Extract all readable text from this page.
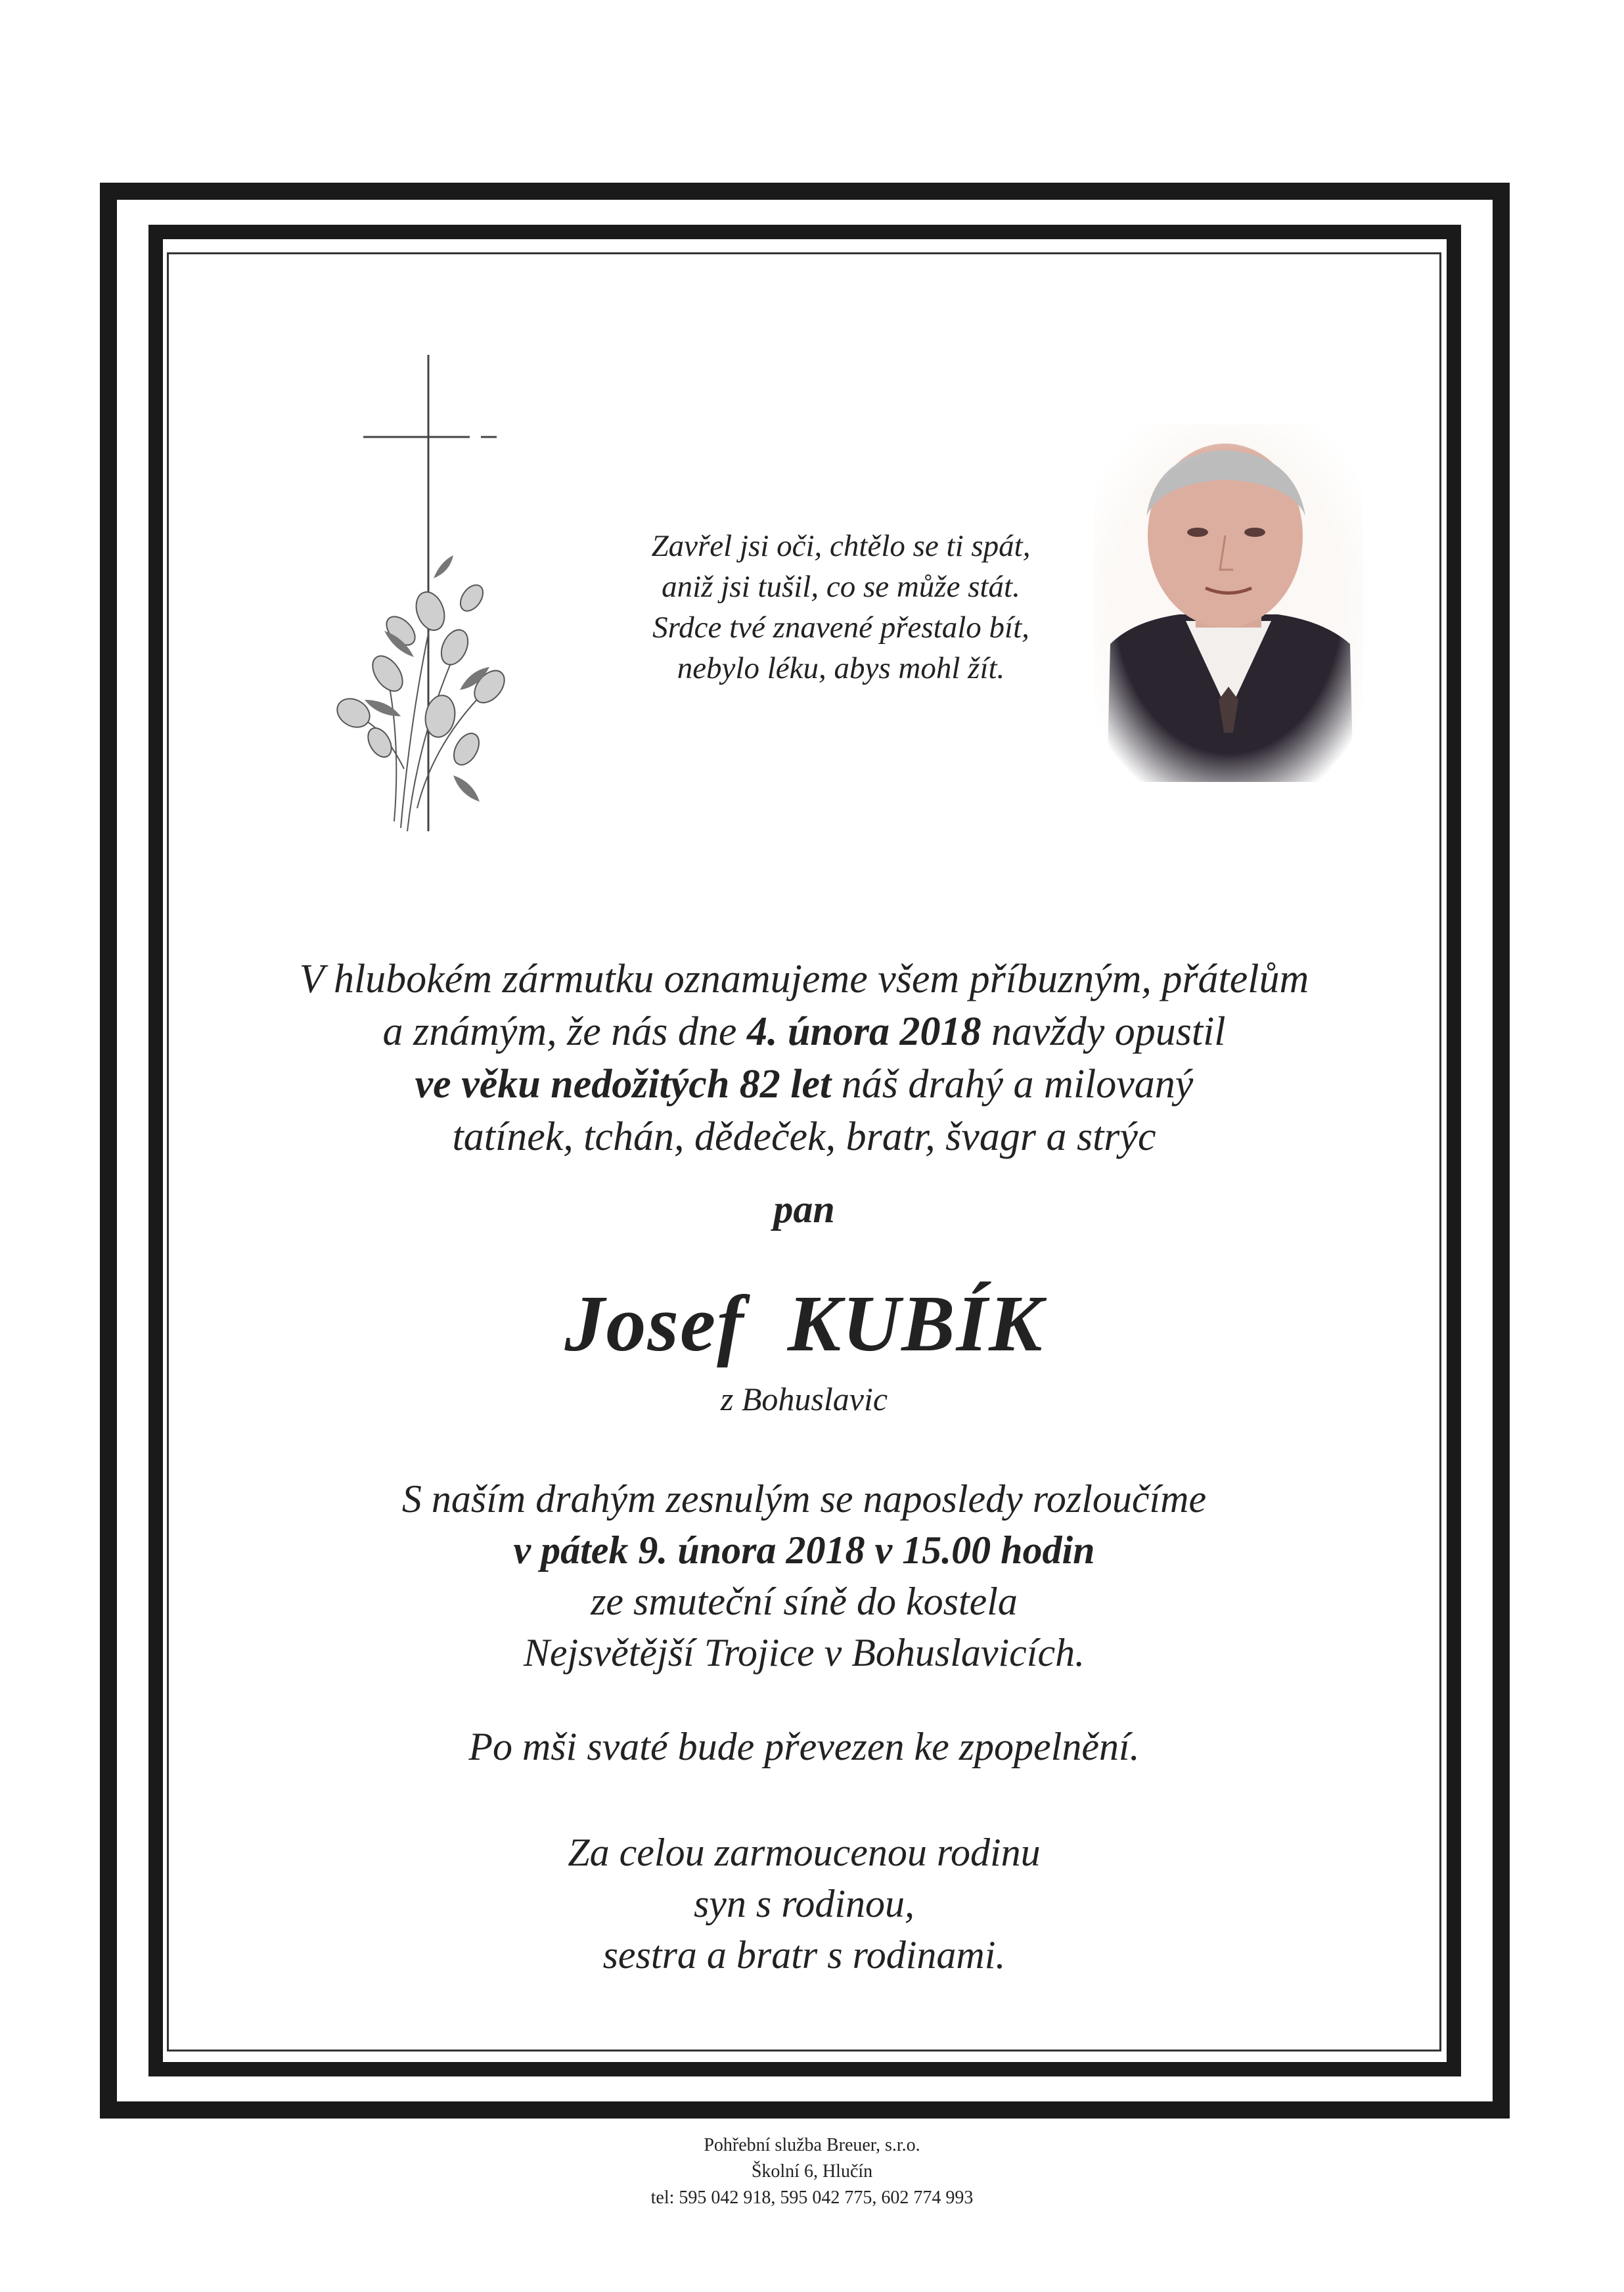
Zavřel jsi oči, chtělo se ti spát,
aniž jsi tušil, co se může stát.
Srdce tvé znavené přestalo bít,
nebylo léku, abys mohl žít.
V hlubokém zármutku oznamujeme všem příbuzným, přátelům
a známým, že nás dne 4. února 2018 navždy opustil
ve věku nedožitých 82 let náš drahý a milovaný
tatínek, tchán, dědeček, bratr, švagr a strýc
pan
Josef KUBÍK
z Bohuslavic
S naším drahým zesnulým se naposledy rozloučíme
v pátek 9. února 2018 v 15.00 hodin
ze smuteční síně do kostela
Nejsvětější Trojice v Bohuslavicích.
Po mši svaté bude převezen ke zpopelnění.
Za celou zarmoucenou rodinu
syn s rodinou,
sestra a bratr s rodinami.
Pohřební služba Breuer, s.r.o.
Školní 6, Hlučín
tel: 595 042 918, 595 042 775, 602 774 993
